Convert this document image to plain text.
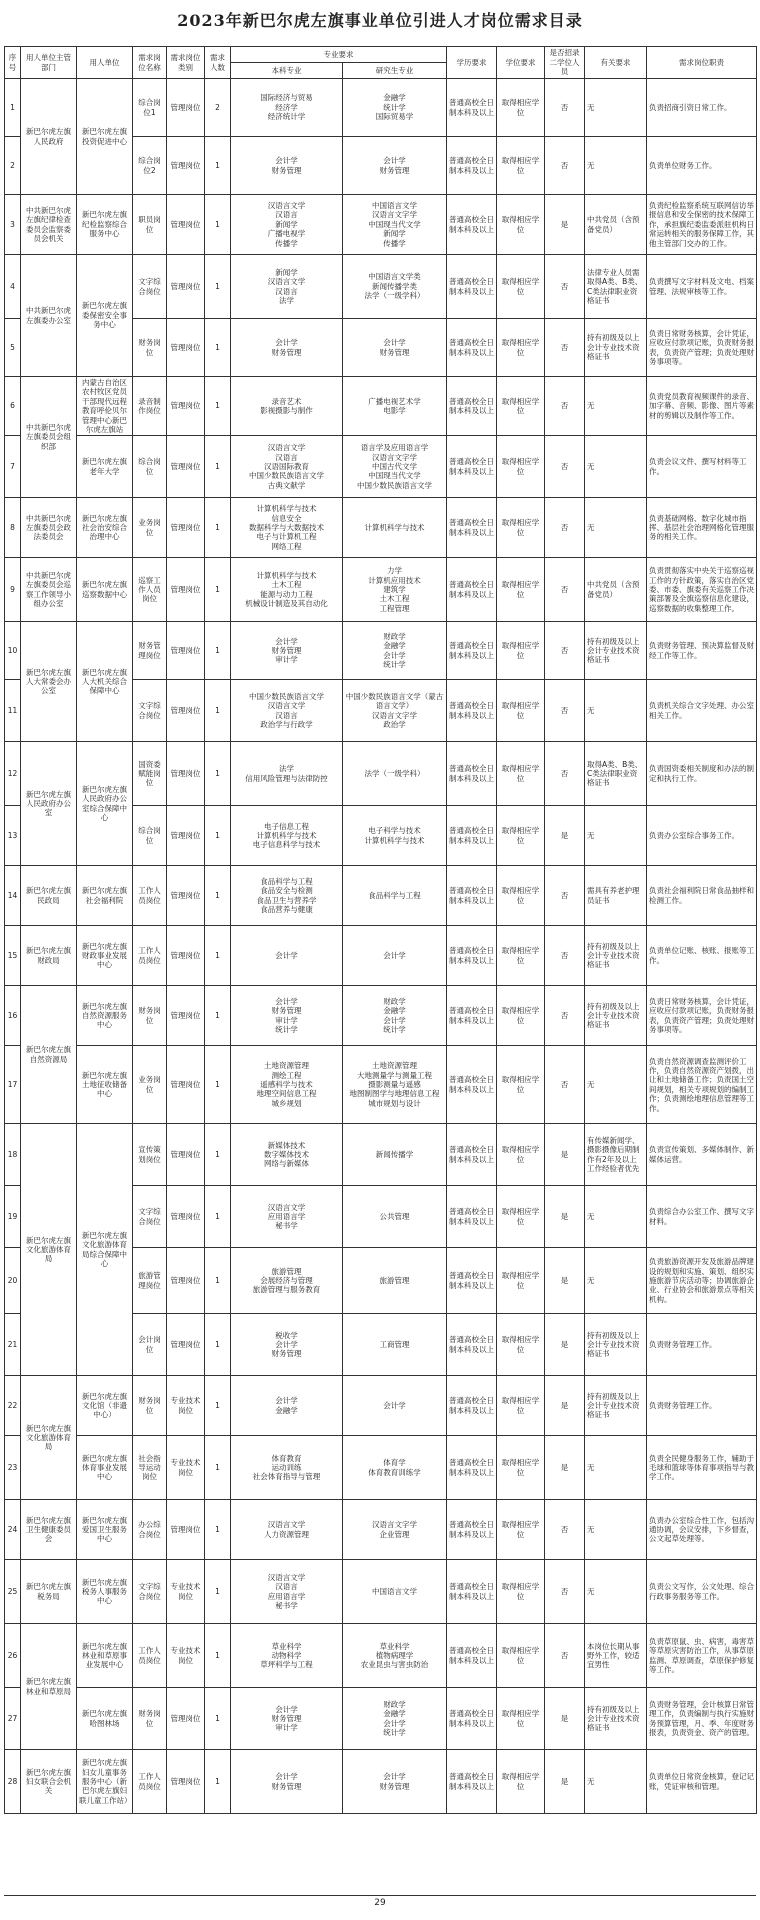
2023年新巴尔虎左旗事业单位引进人才岗位需求目录
序号	用人单位主管部门	用人单位	需求岗位名称	需求岗位类别	需求人数	专业要求		学历要求	学位要求	是否招录二学位人员	有关要求	需求岗位职责
						本科专业	研究生专业					
1	新巴尔虎左旗人民政府	新巴尔虎左旗投资促进中心	综合岗位1	管理岗位	2	国际经济与贸易
经济学
经济统计学	金融学
统计学
国际贸易学	普通高校全日制本科及以上	取得相应学位	否	无	负责招商引资日常工作。
2			综合岗位2	管理岗位	1	会计学
财务管理	会计学
财务管理	普通高校全日制本科及以上	取得相应学位	否	无	负责单位财务工作。
3	中共新巴尔虎左旗纪律检查委员会监察委员会机关	新巴尔虎左旗纪检监察综合服务中心	职员岗位	管理岗位	1	汉语言文学
汉语言
新闻学
广播电视学
传播学	中国语言文学
汉语言文字学
中国现当代文学
新闻学
传播学	普通高校全日制本科及以上	取得相应学位	是	中共党员（含预备党员）	负责纪检监察系统互联网信访举报信息和安全保密的技术保障工作，承担旗纪委监委派驻机构日常运转相关的服务保障工作，其他主管部门交办的工作。
4	中共新巴尔虎左旗委办公室	新巴尔虎左旗委保密安全事务中心	文字综合岗位	管理岗位	1	新闻学
汉语言文学
汉语言
法学	中国语言文学类
新闻传播学类
法学（一级学科）	普通高校全日制本科及以上	取得相应学位	否	法律专业人员需取得A类、B类、C类法律职业资格证书	负责撰写文字材料及文电、档案管理、法规审核等工作。
5			财务岗位	管理岗位	1	会计学
财务管理	会计学
财务管理	普通高校全日制本科及以上	取得相应学位	否	持有初级及以上会计专业技术资格证书	负责日常财务核算，会计凭证，应收应付款项记账，负责财务报表，负责资产管理；负责处理财务事项等。
6	中共新巴尔虎左旗委员会组织部	内蒙古自治区农村牧区党员干部现代远程教育呼伦贝尔管理中心新巴尔虎左旗站	录音制作岗位	管理岗位	1	录音艺术
影视摄影与制作	广播电视艺术学
电影学	普通高校全日制本科及以上	取得相应学位	否	无	负责党员教育视频课件的录音、加字幕、音频、影像、图片等素材的剪辑以及制作等工作。
7		新巴尔虎左旗老年大学	综合岗位	管理岗位	1	汉语言文学
汉语言
汉语国际教育
中国少数民族语言文学
古典文献学	语言学及应用语言学
汉语言文字学
中国古代文学
中国现当代文学
中国少数民族语言文学	普通高校全日制本科及以上	取得相应学位	否	无	负责会议文件、撰写材料等工作。
8	中共新巴尔虎左旗委员会政法委员会	新巴尔虎左旗社会治安综合治理中心	业务岗位	管理岗位	1	计算机科学与技术
信息安全
数据科学与大数据技术
电子与计算机工程
网络工程	计算机科学与技术	普通高校全日制本科及以上	取得相应学位	否	无	负责基础网格、数字化城市指挥、基层社会治理网格化管理服务的相关工作。
9	中共新巴尔虎左旗委员会巡察工作领导小组办公室	新巴尔虎左旗巡察数据中心	巡察工作人员岗位	管理岗位	1	计算机科学与技术
土木工程
能源与动力工程
机械设计制造及其自动化	力学
计算机应用技术
建筑学
土木工程
工程管理	普通高校全日制本科及以上	取得相应学位	否	中共党员（含预备党员）	负责贯彻落实中央关于巡察巡视工作的方针政策，落实自治区党委、市委、旗委有关巡察工作决策部署及全旗巡察信息化建设，巡察数据的收集整理工作。
10	新巴尔虎左旗人大常委会办公室	新巴尔虎左旗人大机关综合保障中心	财务管理岗位	管理岗位	1	会计学
财务管理
审计学	财政学
金融学
会计学
统计学	普通高校全日制本科及以上	取得相应学位	否	持有初级及以上会计专业技术资格证书	负责财务管理、预决算监督及财经工作等工作。
11			文字综合岗位	管理岗位	1	中国少数民族语言文学
汉语言文学
汉语言
政治学与行政学	中国少数民族语言文学（蒙古语言文学）
汉语言文字学
政治学	普通高校全日制本科及以上	取得相应学位	否	无	负责机关综合文字处理、办公室相关工作。
12	新巴尔虎左旗人民政府办公室	新巴尔虎左旗人民政府办公室综合保障中心	国资委赋能岗位	管理岗位	1	法学
信用风险管理与法律防控	法学（一级学科）	普通高校全日制本科及以上	取得相应学位	否	取得A类、B类、C类法律职业资格证书	负责国资委相关制度和办法的制定和执行工作。
13			综合岗位	管理岗位	1	电子信息工程
计算机科学与技术
电子信息科学与技术	电子科学与技术
计算机科学与技术	普通高校全日制本科及以上	取得相应学位	是	无	负责办公室综合事务工作。
14	新巴尔虎左旗民政局	新巴尔虎左旗社会福利院	工作人员岗位	管理岗位	1	食品科学与工程
食品安全与检测
食品卫生与营养学
食品营养与健康	食品科学与工程	普通高校全日制本科及以上	取得相应学位	否	需具有养老护理员证书	负责社会福利院日常食品抽样和检测工作。
15	新巴尔虎左旗财政局	新巴尔虎左旗财政事业发展中心	工作人员岗位	管理岗位	1	会计学	会计学	普通高校全日制本科及以上	取得相应学位	否	持有初级及以上会计专业技术资格证书	负责单位记账、核账、报账等工作。
16	新巴尔虎左旗自然资源局	新巴尔虎左旗自然资源服务中心	财务岗位	管理岗位	1	会计学
财务管理
审计学
统计学	财政学
金融学
会计学
统计学	普通高校全日制本科及以上	取得相应学位	否	持有初级及以上会计专业技术资格证书	负责日常财务核算，会计凭证，应收应付款项记账，负责财务报表，负责资产管理；负责处理财务事项等。
17		新巴尔虎左旗土地征收储备中心	业务岗位	管理岗位	1	土地资源管理
测绘工程
遥感科学与技术
地理空间信息工程
城乡规划	土地资源管理
大地测量学与测量工程
摄影测量与遥感
地图制图学与地理信息工程
城市规划与设计	普通高校全日制本科及以上	取得相应学位	否	无	负责自然资源调查监测评价工作，负责自然资源资产划拨，出让和土地储备工作；负责国土空间规划，相关专项规划的编制工作；负责测绘地理信息管理等工作。
18	新巴尔虎左旗文化旅游体育局	新巴尔虎左旗文化旅游体育局综合保障中心	宣传策划岗位	管理岗位	1	新媒体技术
数字媒体技术
网络与新媒体	新闻传播学	普通高校全日制本科及以上	取得相应学位	是	有传媒新闻学、摄影摄像后期制作有2年及以上工作经验者优先	负责宣传策划、多媒体制作、新媒体运营。
19			文字综合岗位	管理岗位	1	汉语言文学
应用语言学
秘书学	公共管理	普通高校全日制本科及以上	取得相应学位	是	无	负责综合办公室工作、撰写文字材料。
20			旅游管理岗位	管理岗位	1	旅游管理
会展经济与管理
旅游管理与服务教育	旅游管理	普通高校全日制本科及以上	取得相应学位	是	无	负责旅游资源开发及旅游品牌建设的规划和实施、策划、组织实施旅游节庆活动等；协调旅游企业、行业协会和旅游景点等相关机构。
21			会计岗位	管理岗位	1	税收学
会计学
财务管理	工商管理	普通高校全日制本科及以上	取得相应学位	是	持有初级及以上会计专业技术资格证书	负责财务管理工作。
22	新巴尔虎左旗文化旅游体育局	新巴尔虎左旗文化馆（非遗中心）	财务岗位	专业技术岗位	1	会计学
金融学	会计学	普通高校全日制本科及以上	取得相应学位	是	持有初级及以上会计专业技术资格证书	负责财务管理工作。
23		新巴尔虎左旗体育事业发展中心	社会指导运动岗位	专业技术岗位	1	体育教育
运动训练
社会体育指导与管理	体育学
体育教育训练学	普通高校全日制本科及以上	取得相应学位	是	无	负责全民健身服务工作，辅助于毛球和篮球等体育事项指导与教学工作。
24	新巴尔虎左旗卫生健康委员会	新巴尔虎左旗爱国卫生服务中心	办公综合岗位	管理岗位	1	汉语言文学
人力资源管理	汉语言文字学
企业管理	普通高校全日制本科及以上	取得相应学位	否	无	负责办公室综合性工作，包括沟通协调，会议安排，下乡督查，公文起草处理等。
25	新巴尔虎左旗税务局	新巴尔虎左旗税务人事服务中心	文字综合岗位	专业技术岗位	1	汉语言文学
汉语言
应用语言学
秘书学	中国语言文学	普通高校全日制本科及以上	取得相应学位	否	无	负责公文写作，公文处理、综合行政事务服务等工作。
26	新巴尔虎左旗林业和草原局	新巴尔虎左旗林业和草原事业发展中心	工作人员岗位	专业技术岗位	1	草业科学
动物科学
草坪科学与工程	草业科学
植物病理学
农业昆虫与害虫防治	普通高校全日制本科及以上	取得相应学位	否	本岗位长期从事野外工作，较适宜男性	负责草原鼠、虫、病害，毒害草等草原灾害防治工作，从事草原监测、草原调查，草原保护修复等工作。
27		新巴尔虎左旗哈图林场	财务岗位	管理岗位	1	会计学
财务管理
审计学	财政学
金融学
会计学
统计学	普通高校全日制本科及以上	取得相应学位	是	持有初级及以上会计专业技术资格证书	负责财务管理，会计核算日常管理工作，负责编制与执行实施财务预算管理，月、季、年度财务报表，负责资金、资产的管理。
28	新巴尔虎左旗妇女联合会机关	新巴尔虎左旗妇女儿童事务服务中心（新巴尔虎左旗妇联儿童工作站）	工作人员岗位	管理岗位	1	会计学
财务管理	会计学
财务管理	普通高校全日制本科及以上	取得相应学位	是	无	负责单位日常资金核算，登记记账，凭证审核和管理。
29
